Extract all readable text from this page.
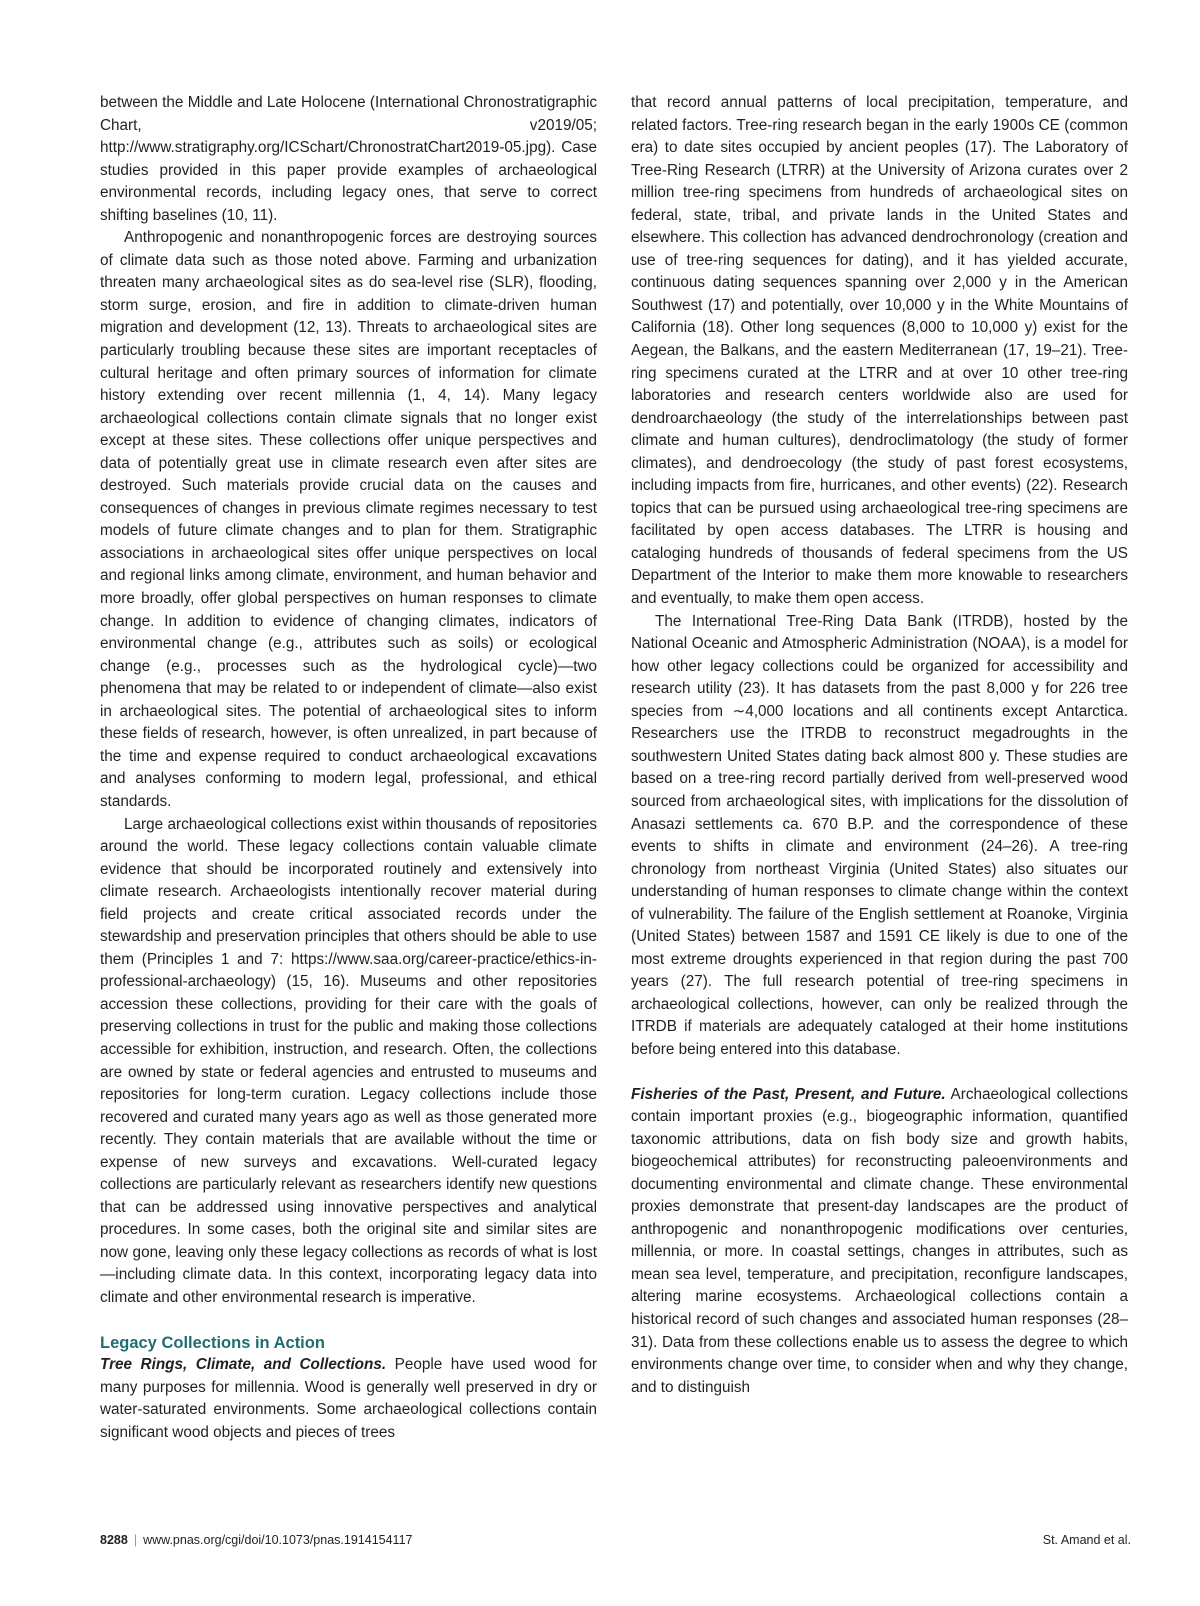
between the Middle and Late Holocene (International Chronostratigraphic Chart, v2019/05; http://www.stratigraphy.org/ICSchart/ChronostratChart2019-05.jpg). Case studies provided in this paper provide examples of archaeological environmental records, including legacy ones, that serve to correct shifting baselines (10, 11).

Anthropogenic and nonanthropogenic forces are destroying sources of climate data such as those noted above. Farming and urbanization threaten many archaeological sites as do sea-level rise (SLR), flooding, storm surge, erosion, and fire in addition to climate-driven human migration and development (12, 13). Threats to archaeological sites are particularly troubling because these sites are important receptacles of cultural heritage and often primary sources of information for climate history extending over recent millennia (1, 4, 14). Many legacy archaeological collections contain climate signals that no longer exist except at these sites. These collections offer unique perspectives and data of potentially great use in climate research even after sites are destroyed. Such materials provide crucial data on the causes and consequences of changes in previous climate regimes necessary to test models of future climate changes and to plan for them. Stratigraphic associations in archaeological sites offer unique perspectives on local and regional links among climate, environment, and human behavior and more broadly, offer global perspectives on human responses to climate change. In addition to evidence of changing climates, indicators of environmental change (e.g., attributes such as soils) or ecological change (e.g., processes such as the hydrological cycle)—two phenomena that may be related to or independent of climate—also exist in archaeological sites. The potential of archaeological sites to inform these fields of research, however, is often unrealized, in part because of the time and expense required to conduct archaeological excavations and analyses conforming to modern legal, professional, and ethical standards.

Large archaeological collections exist within thousands of repositories around the world. These legacy collections contain valuable climate evidence that should be incorporated routinely and extensively into climate research. Archaeologists intentionally recover material during field projects and create critical associated records under the stewardship and preservation principles that others should be able to use them (Principles 1 and 7: https://www.saa.org/career-practice/ethics-in-professional-archaeology) (15, 16). Museums and other repositories accession these collections, providing for their care with the goals of preserving collections in trust for the public and making those collections accessible for exhibition, instruction, and research. Often, the collections are owned by state or federal agencies and entrusted to museums and repositories for long-term curation. Legacy collections include those recovered and curated many years ago as well as those generated more recently. They contain materials that are available without the time or expense of new surveys and excavations. Well-curated legacy collections are particularly relevant as researchers identify new questions that can be addressed using innovative perspectives and analytical procedures. In some cases, both the original site and similar sites are now gone, leaving only these legacy collections as records of what is lost—including climate data. In this context, incorporating legacy data into climate and other environmental research is imperative.

Legacy Collections in Action

Tree Rings, Climate, and Collections. People have used wood for many purposes for millennia. Wood is generally well preserved in dry or water-saturated environments. Some archaeological collections contain significant wood objects and pieces of trees

that record annual patterns of local precipitation, temperature, and related factors. Tree-ring research began in the early 1900s CE (common era) to date sites occupied by ancient peoples (17). The Laboratory of Tree-Ring Research (LTRR) at the University of Arizona curates over 2 million tree-ring specimens from hundreds of archaeological sites on federal, state, tribal, and private lands in the United States and elsewhere. This collection has advanced dendrochronology (creation and use of tree-ring sequences for dating), and it has yielded accurate, continuous dating sequences spanning over 2,000 y in the American Southwest (17) and potentially, over 10,000 y in the White Mountains of California (18). Other long sequences (8,000 to 10,000 y) exist for the Aegean, the Balkans, and the eastern Mediterranean (17, 19–21). Tree-ring specimens curated at the LTRR and at over 10 other tree-ring laboratories and research centers worldwide also are used for dendroarchaeology (the study of the interrelationships between past climate and human cultures), dendroclimatology (the study of former climates), and dendroecology (the study of past forest ecosystems, including impacts from fire, hurricanes, and other events) (22). Research topics that can be pursued using archaeological tree-ring specimens are facilitated by open access databases. The LTRR is housing and cataloging hundreds of thousands of federal specimens from the US Department of the Interior to make them more knowable to researchers and eventually, to make them open access.

The International Tree-Ring Data Bank (ITRDB), hosted by the National Oceanic and Atmospheric Administration (NOAA), is a model for how other legacy collections could be organized for accessibility and research utility (23). It has datasets from the past 8,000 y for 226 tree species from ∼4,000 locations and all continents except Antarctica. Researchers use the ITRDB to reconstruct megadroughts in the southwestern United States dating back almost 800 y. These studies are based on a tree-ring record partially derived from well-preserved wood sourced from archaeological sites, with implications for the dissolution of Anasazi settlements ca. 670 B.P. and the correspondence of these events to shifts in climate and environment (24–26). A tree-ring chronology from northeast Virginia (United States) also situates our understanding of human responses to climate change within the context of vulnerability. The failure of the English settlement at Roanoke, Virginia (United States) between 1587 and 1591 CE likely is due to one of the most extreme droughts experienced in that region during the past 700 years (27). The full research potential of tree-ring specimens in archaeological collections, however, can only be realized through the ITRDB if materials are adequately cataloged at their home institutions before being entered into this database.

Fisheries of the Past, Present, and Future. Archaeological collections contain important proxies (e.g., biogeographic information, quantified taxonomic attributions, data on fish body size and growth habits, biogeochemical attributes) for reconstructing paleoenvironments and documenting environmental and climate change. These environmental proxies demonstrate that present-day landscapes are the product of anthropogenic and nonanthropogenic modifications over centuries, millennia, or more. In coastal settings, changes in attributes, such as mean sea level, temperature, and precipitation, reconfigure landscapes, altering marine ecosystems. Archaeological collections contain a historical record of such changes and associated human responses (28–31). Data from these collections enable us to assess the degree to which environments change over time, to consider when and why they change, and to distinguish

8288 | www.pnas.org/cgi/doi/10.1073/pnas.1914154117	St. Amand et al.
